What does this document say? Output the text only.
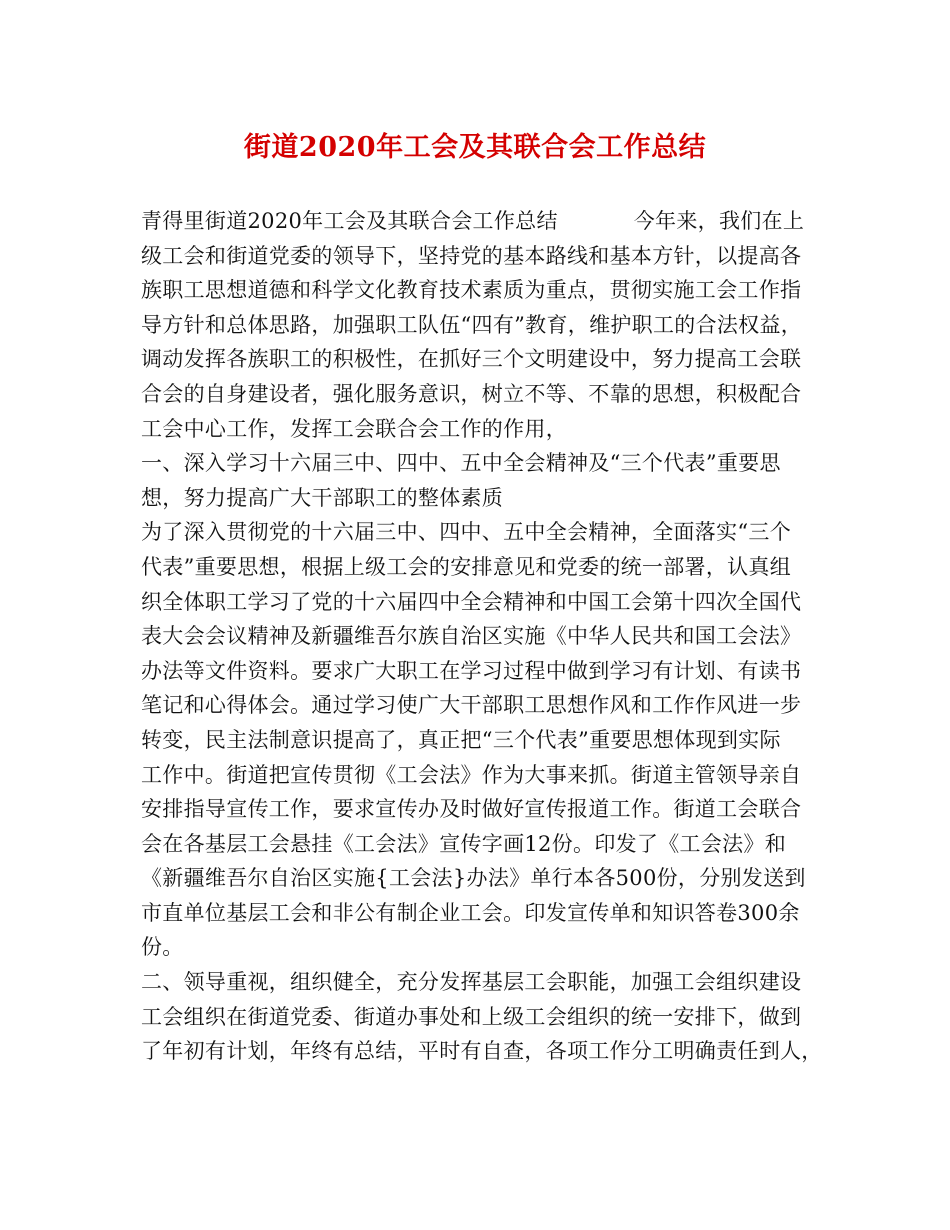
街道2020年工会及其联合会工作总结
青得里街道2020年工会及其联合会工作总结	今年来，我们在上
级工会和街道党委的领导下，坚持党的基本路线和基本方针，以提高各
族职工思想道德和科学文化教育技术素质为重点，贯彻实施工会工作指
导方针和总体思路，加强职工队伍“四有”教育，维护职工的合法权益，
调动发挥各族职工的积极性，在抓好三个文明建设中，努力提高工会联
合会的自身建设者，强化服务意识，树立不等、不靠的思想，积极配合
工会中心工作，发挥工会联合会工作的作用，
一、深入学习十六届三中、四中、五中全会精神及“三个代表”重要思
想，努力提高广大干部职工的整体素质
为了深入贯彻党的十六届三中、四中、五中全会精神，全面落实“三个
代表”重要思想，根据上级工会的安排意见和党委的统一部署，认真组
织全体职工学习了党的十六届四中全会精神和中国工会第十四次全国代
表大会会议精神及新疆维吾尔族自治区实施《中华人民共和国工会法》
办法等文件资料。要求广大职工在学习过程中做到学习有计划、有读书
笔记和心得体会。通过学习使广大干部职工思想作风和工作作风进一步
转变，民主法制意识提高了，真正把“三个代表”重要思想体现到实际
工作中。街道把宣传贯彻《工会法》作为大事来抓。街道主管领导亲自
安排指导宣传工作，要求宣传办及时做好宣传报道工作。街道工会联合
会在各基层工会悬挂《工会法》宣传字画12份。印发了《工会法》和
《新疆维吾尔自治区实施{工会法}办法》单行本各500份，分别发送到
市直单位基层工会和非公有制企业工会。印发宣传单和知识答卷300余
份。
二、领导重视，组织健全，充分发挥基层工会职能，加强工会组织建设
工会组织在街道党委、街道办事处和上级工会组织的统一安排下，做到
了年初有计划，年终有总结，平时有自查，各项工作分工明确责任到人，
